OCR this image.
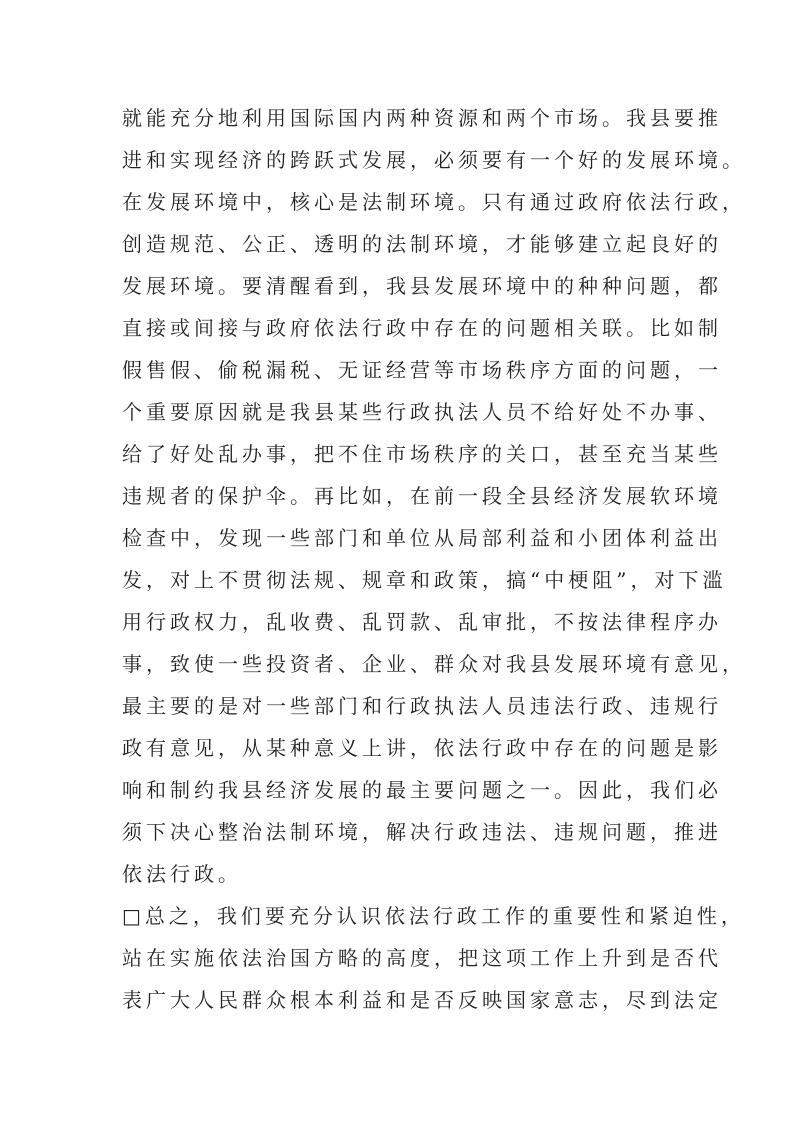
就能充分地利用国际国内两种资源和两个市场。我县要推
进和实现经济的跨跃式发展，必须要有一个好的发展环境。
在发展环境中，核心是法制环境。只有通过政府依法行政，
创造规范、公正、透明的法制环境，才能够建立起良好的
发展环境。要清醒看到，我县发展环境中的种种问题，都
直接或间接与政府依法行政中存在的问题相关联。比如制
假售假、偷税漏税、无证经营等市场秩序方面的问题，一
个重要原因就是我县某些行政执法人员不给好处不办事、
给了好处乱办事，把不住市场秩序的关口，甚至充当某些
违规者的保护伞。再比如，在前一段全县经济发展软环境
检查中，发现一些部门和单位从局部利益和小团体利益出
发，对上不贯彻法规、规章和政策，搞“中梗阻”，对下滥
用行政权力，乱收费、乱罚款、乱审批，不按法律程序办
事，致使一些投资者、企业、群众对我县发展环境有意见，
最主要的是对一些部门和行政执法人员违法行政、违规行
政有意见，从某种意义上讲，依法行政中存在的问题是影
响和制约我县经济发展的最主要问题之一。因此，我们必
须下决心整治法制环境，解决行政违法、违规问题，推进
依法行政。
□总之，我们要充分认识依法行政工作的重要性和紧迫性，
站在实施依法治国方略的高度，把这项工作上升到是否代
表广大人民群众根本利益和是否反映国家意志，尽到法定
